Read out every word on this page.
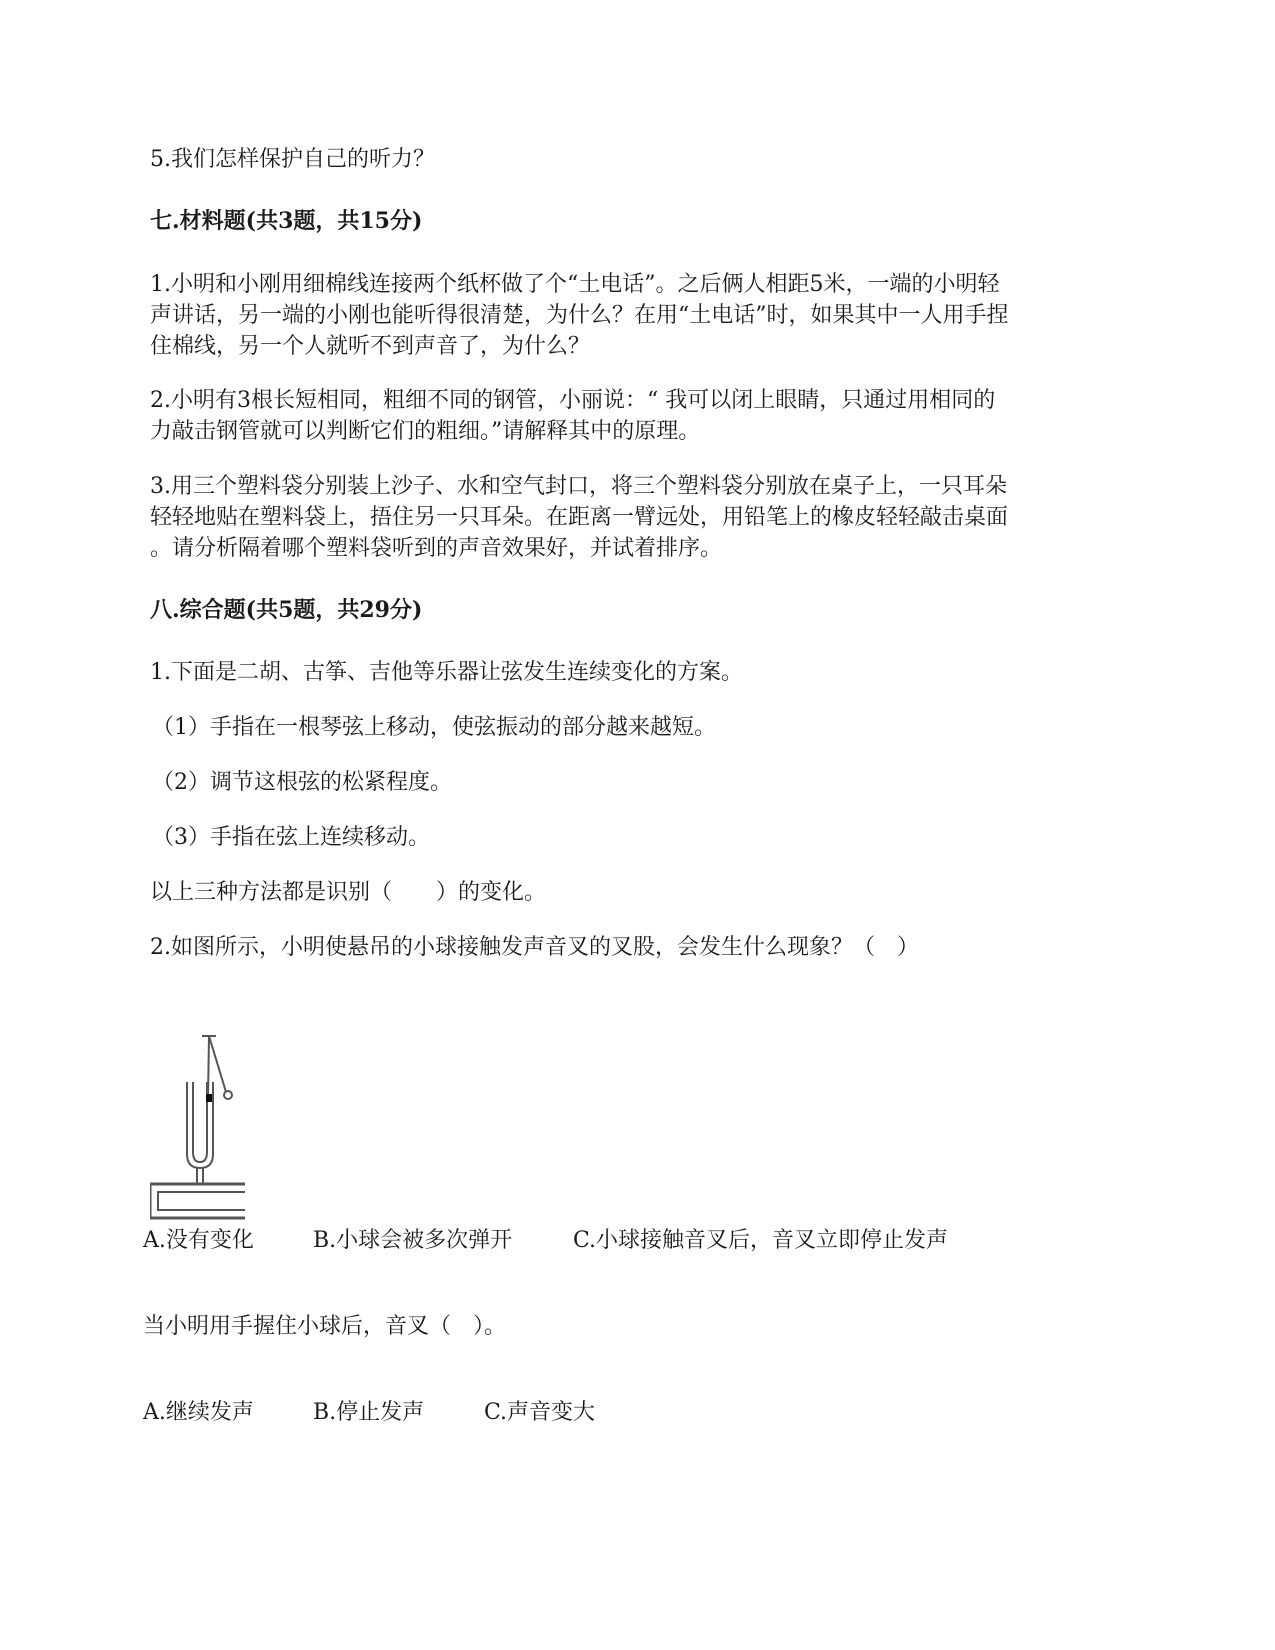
5.我们怎样保护自己的听力？
七.材料题(共3题，共15分)
1.小明和小刚用细棉线连接两个纸杯做了个“土电话”。之后俩人相距5米，一端的小明轻
声讲话，另一端的小刚也能听得很清楚，为什么？在用“土电话”时，如果其中一人用手捏
住棉线，另一个人就听不到声音了，为什么？
2.小明有3根长短相同，粗细不同的钢管，小丽说：“ 我可以闭上眼睛，只通过用相同的
力敲击钢管就可以判断它们的粗细。”请解释其中的原理。
3.用三个塑料袋分别装上沙子、水和空气封口，将三个塑料袋分别放在桌子上，一只耳朵
轻轻地贴在塑料袋上，捂住另一只耳朵。在距离一臂远处，用铅笔上的橡皮轻轻敲击桌面
。请分析隔着哪个塑料袋听到的声音效果好，并试着排序。
八.综合题(共5题，共29分)
1.下面是二胡、古筝、吉他等乐器让弦发生连续变化的方案。
（1）手指在一根琴弦上移动，使弦振动的部分越来越短。
（2）调节这根弦的松紧程度。
（3）手指在弦上连续移动。
以上三种方法都是识别（　　）的变化。
2.如图所示，小明使悬吊的小球接触发声音叉的叉股，会发生什么现象？（　）
A.没有变化	B.小球会被多次弹开	C.小球接触音叉后，音叉立即停止发声
当小明用手握住小球后，音叉（　）。
A.继续发声	B.停止发声	C.声音变大
